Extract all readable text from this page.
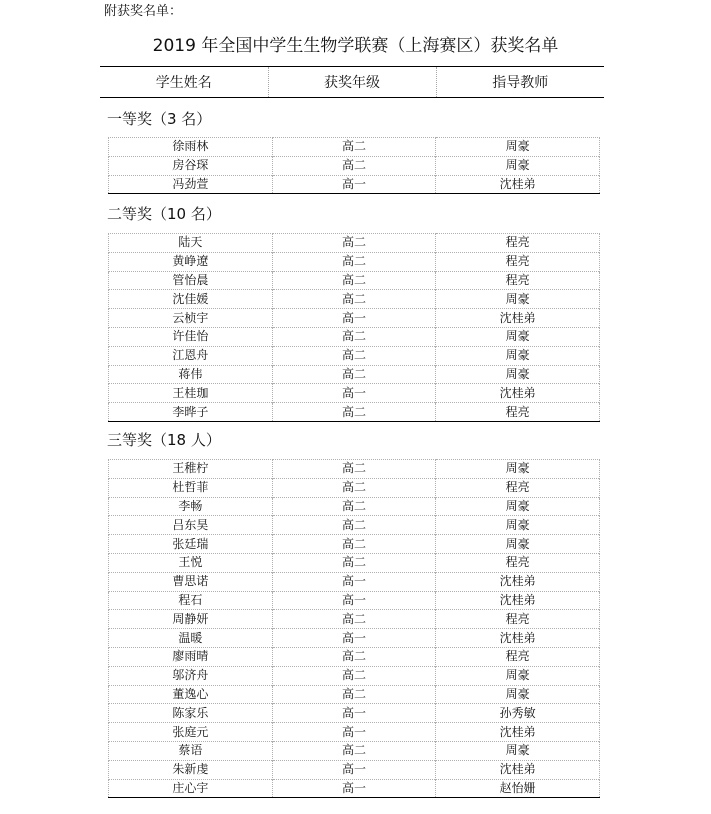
附获奖名单：
2019 年全国中学生生物学联赛（上海赛区）获奖名单
学生姓名	获奖年级	指导教师
一等奖（3 名）
徐雨林	高二	周豪
房谷琛	高二	周豪
冯劲萱	高一	沈桂弟
二等奖（10 名）
陆天	高二	程亮
黄峥遼	高二	程亮
管怡晨	高二	程亮
沈佳媛	高二	周豪
云桢宇	高一	沈桂弟
许佳怡	高二	周豪
江恩舟	高二	周豪
蒋伟	高二	周豪
王桂珈	高一	沈桂弟
李晔子	高二	程亮
三等奖（18 人）
王稚柠	高二	周豪
杜哲菲	高二	程亮
李畅	高二	周豪
吕东昊	高二	周豪
张廷瑞	高二	周豪
王悦	高二	程亮
曹思诺	高一	沈桂弟
程石	高一	沈桂弟
周静妍	高二	程亮
温暖	高一	沈桂弟
廖雨晴	高二	程亮
邬济舟	高二	周豪
董逸心	高二	周豪
陈家乐	高一	孙秀敏
张庭元	高一	沈桂弟
蔡语	高二	周豪
朱新虔	高一	沈桂弟
庄心宇	高一	赵怡姗
